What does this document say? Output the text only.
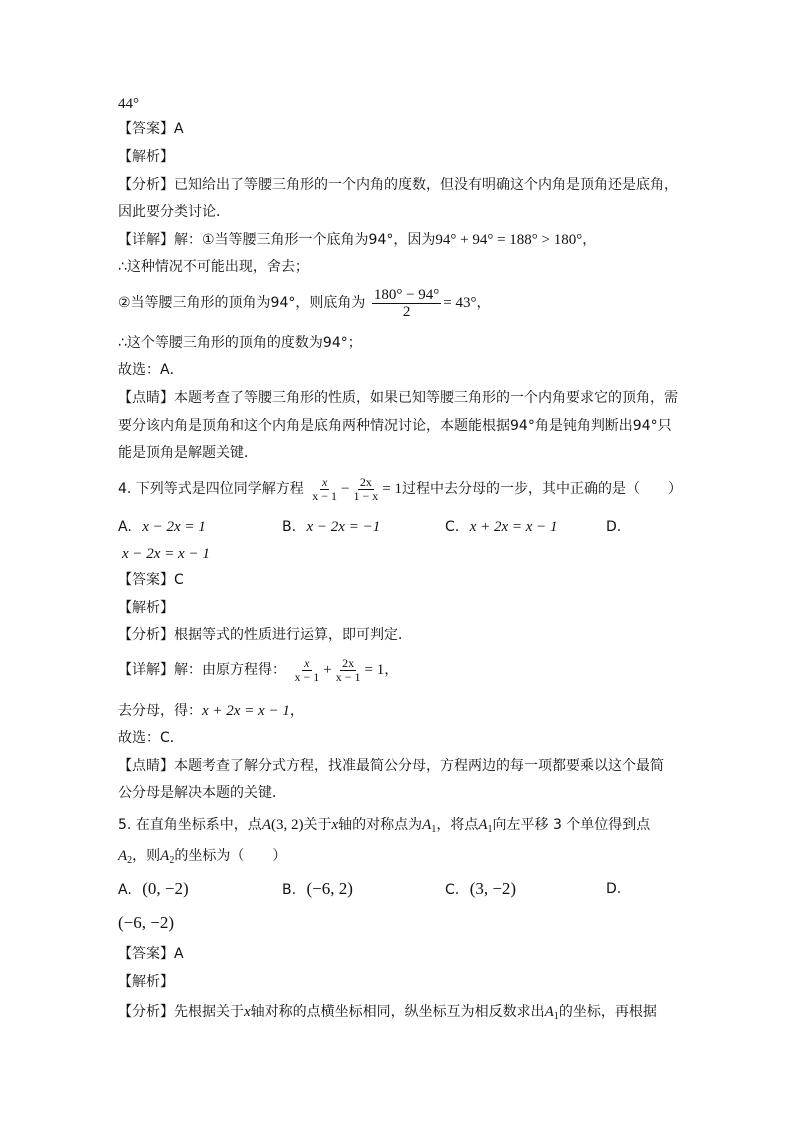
44°
【答案】A
【解析】
【分析】已知给出了等腰三角形的一个内角的度数，但没有明确这个内角是顶角还是底角，
因此要分类讨论．
【详解】解：①当等腰三角形一个底角为94°，因为94° + 94° = 188° > 180°，
∴这种情况不可能出现，舍去；
②当等腰三角形的顶角为94°，则底角为 $\frac{180^\circ - 94^\circ}{2} = 43^\circ$，
∴这个等腰三角形的顶角的度数为94°；
故选：A．
【点睛】本题考查了等腰三角形的性质，如果已知等腰三角形的一个内角要求它的顶角，需
要分该内角是顶角和这个内角是底角两种情况讨论，本题能根据94°角是钝角判断出94°只
能是顶角是解题关键．
4. 下列等式是四位同学解方程 $\frac{x}{x - 1} - \frac{2x}{1 - x} = 1$过程中去分母的一步，其中正确的是（　　）
A. x − 2x = 1	B. x − 2x = −1	C. x + 2x = x − 1	D.
x − 2x = x − 1
【答案】C
【解析】
【分析】根据等式的性质进行运算，即可判定．
【详解】解：由原方程得： $\frac{x}{x - 1} + \frac{2x}{x - 1} = 1$，
去分母，得：x + 2x = x − 1，
故选：C．
【点睛】本题考查了解分式方程，找准最简公分母，方程两边的每一项都要乘以这个最简
公分母是解决本题的关键．
5. 在直角坐标系中，点A(3, 2)关于x轴的对称点为$A_1$，将点$A_1$向左平移 3 个单位得到点
$A_2$，则$A_2$的坐标为（　　）
A. (0, −2)	B. (−6, 2)	C. (3, −2)	D.
(−6, −2)
【答案】A
【解析】
【分析】先根据关于x轴对称的点横坐标相同，纵坐标互为相反数求出$A_1$的坐标，再根据
